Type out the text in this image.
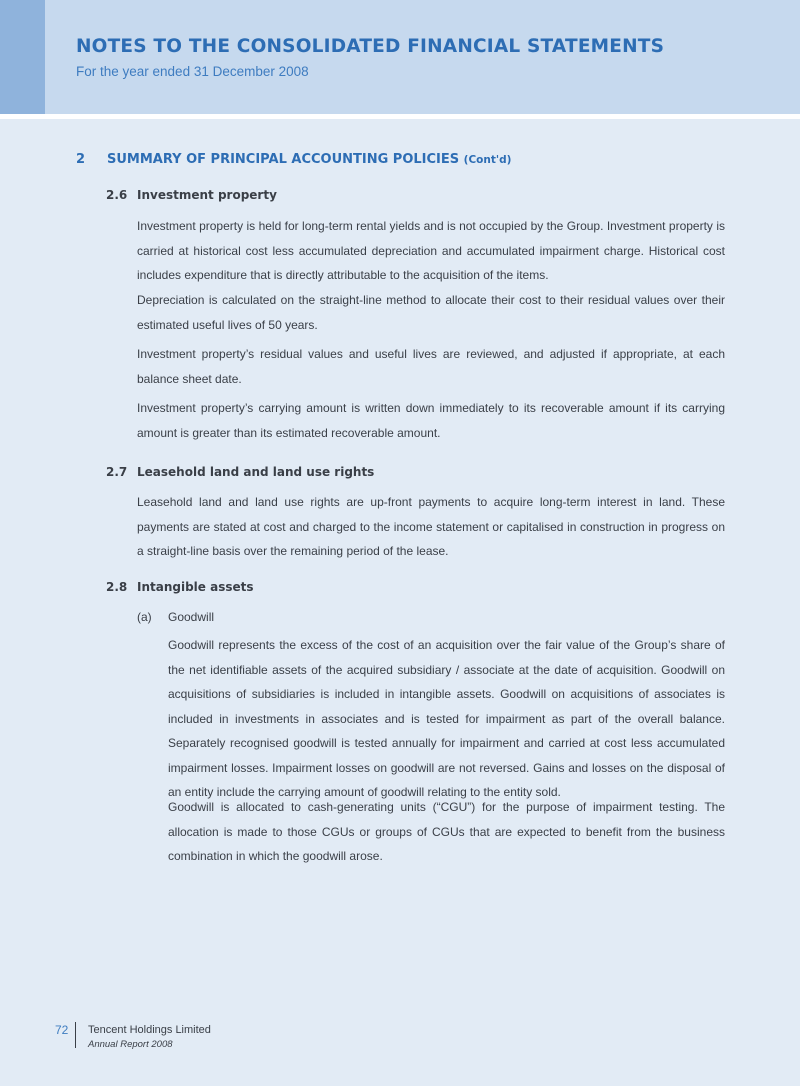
NOTES TO THE CONSOLIDATED FINANCIAL STATEMENTS
For the year ended 31 December 2008
2 SUMMARY OF PRINCIPAL ACCOUNTING POLICIES (Cont'd)
2.6 Investment property
Investment property is held for long-term rental yields and is not occupied by the Group. Investment property is carried at historical cost less accumulated depreciation and accumulated impairment charge. Historical cost includes expenditure that is directly attributable to the acquisition of the items.
Depreciation is calculated on the straight-line method to allocate their cost to their residual values over their estimated useful lives of 50 years.
Investment property’s residual values and useful lives are reviewed, and adjusted if appropriate, at each balance sheet date.
Investment property’s carrying amount is written down immediately to its recoverable amount if its carrying amount is greater than its estimated recoverable amount.
2.7 Leasehold land and land use rights
Leasehold land and land use rights are up-front payments to acquire long-term interest in land. These payments are stated at cost and charged to the income statement or capitalised in construction in progress on a straight-line basis over the remaining period of the lease.
2.8 Intangible assets
(a) Goodwill
Goodwill represents the excess of the cost of an acquisition over the fair value of the Group’s share of the net identifiable assets of the acquired subsidiary / associate at the date of acquisition. Goodwill on acquisitions of subsidiaries is included in intangible assets. Goodwill on acquisitions of associates is included in investments in associates and is tested for impairment as part of the overall balance. Separately recognised goodwill is tested annually for impairment and carried at cost less accumulated impairment losses. Impairment losses on goodwill are not reversed. Gains and losses on the disposal of an entity include the carrying amount of goodwill relating to the entity sold.
Goodwill is allocated to cash-generating units (“CGU”) for the purpose of impairment testing. The allocation is made to those CGUs or groups of CGUs that are expected to benefit from the business combination in which the goodwill arose.
72 Tencent Holdings Limited
Annual Report 2008
